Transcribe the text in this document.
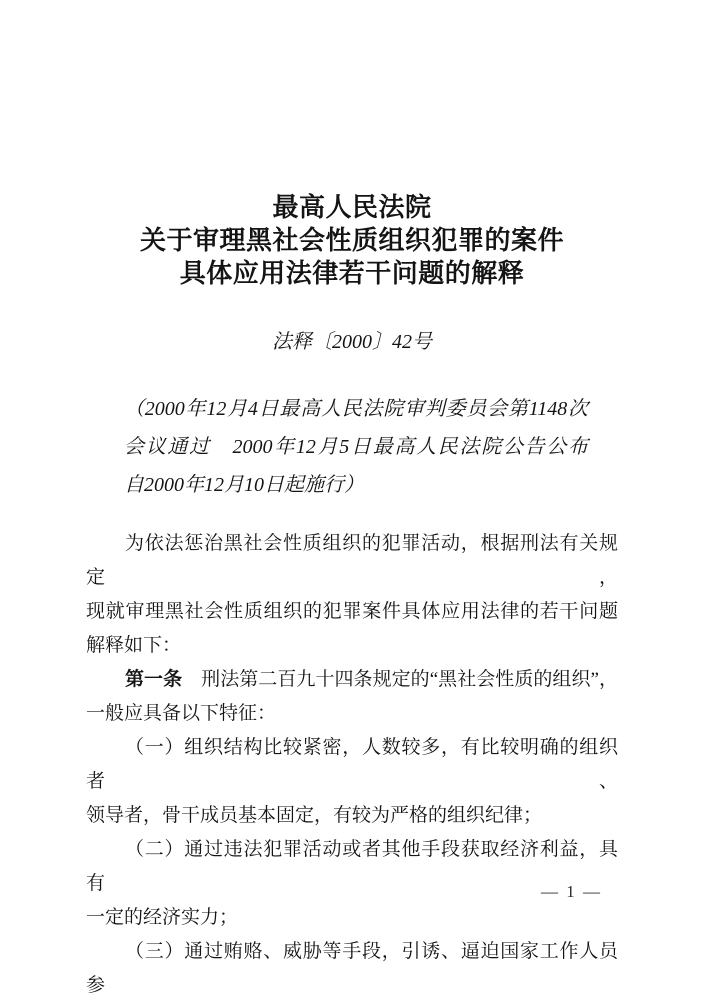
最高人民法院
关于审理黑社会性质组织犯罪的案件
具体应用法律若干问题的解释
法释〔2000〕42号
（2000年12月4日最高人民法院审判委员会第1148次
会议通过　2000年12月5日最高人民法院公告公布
自2000年12月10日起施行）
为依法惩治黑社会性质组织的犯罪活动，根据刑法有关规定，
现就审理黑社会性质组织的犯罪案件具体应用法律的若干问题
解释如下：
第一条　刑法第二百九十四条规定的“黑社会性质的组织”，
一般应具备以下特征：
（一）组织结构比较紧密，人数较多，有比较明确的组织者、
领导者，骨干成员基本固定，有较为严格的组织纪律；
（二）通过违法犯罪活动或者其他手段获取经济利益，具有
一定的经济实力；
（三）通过贿赂、威胁等手段，引诱、逼迫国家工作人员参
— 1 —
